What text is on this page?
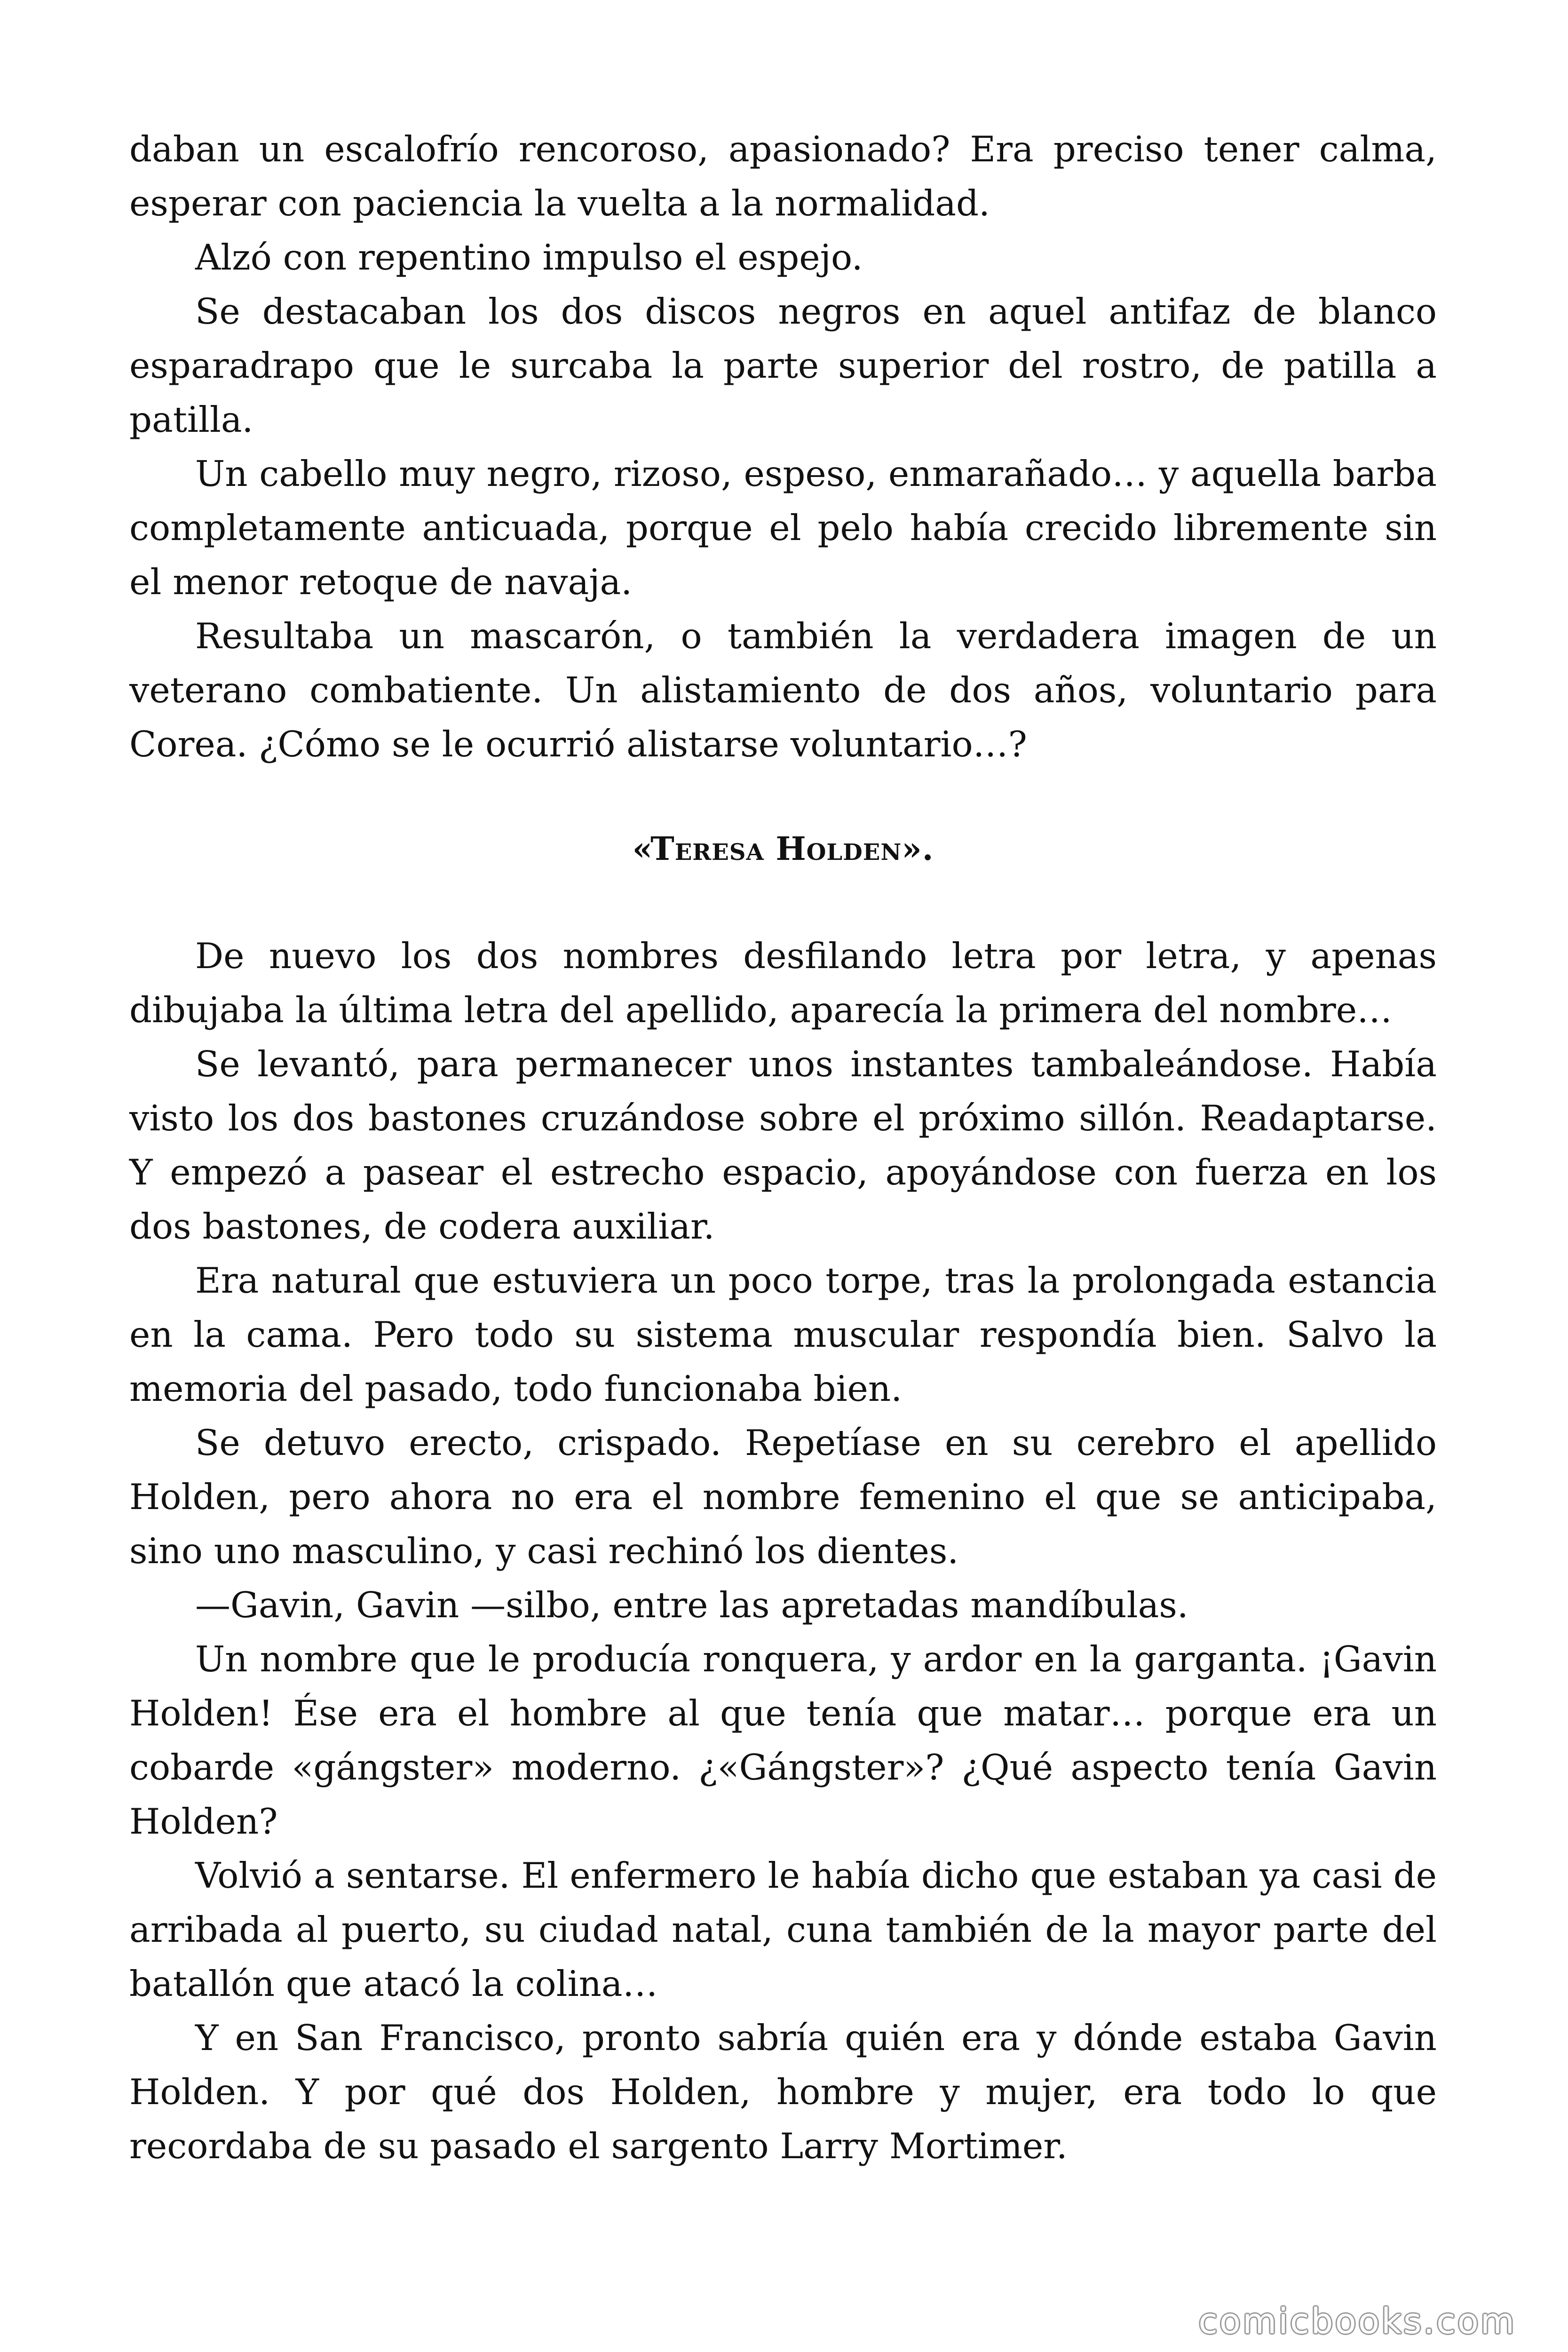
daban un escalofrío rencoroso, apasionado? Era preciso tener calma, esperar con paciencia la vuelta a la normalidad.

Alzó con repentino impulso el espejo.

Se destacaban los dos discos negros en aquel antifaz de blanco esparadrapo que le surcaba la parte superior del rostro, de patilla a patilla.

Un cabello muy negro, rizoso, espeso, enmarañado… y aquella barba completamente anticuada, porque el pelo había crecido libremente sin el menor retoque de navaja.

Resultaba un mascarón, o también la verdadera imagen de un veterano combatiente. Un alistamiento de dos años, voluntario para Corea. ¿Cómo se le ocurrió alistarse voluntario…?

«Teresa Holden».

De nuevo los dos nombres desfilando letra por letra, y apenas dibujaba la última letra del apellido, aparecía la primera del nombre…

Se levantó, para permanecer unos instantes tambaleándose. Había visto los dos bastones cruzándose sobre el próximo sillón. Readaptarse. Y empezó a pasear el estrecho espacio, apoyándose con fuerza en los dos bastones, de codera auxiliar.

Era natural que estuviera un poco torpe, tras la prolongada estancia en la cama. Pero todo su sistema muscular respondía bien. Salvo la memoria del pasado, todo funcionaba bien.

Se detuvo erecto, crispado. Repetíase en su cerebro el apellido Holden, pero ahora no era el nombre femenino el que se anticipaba, sino uno masculino, y casi rechinó los dientes.

—Gavin, Gavin —silbo, entre las apretadas mandíbulas.

Un nombre que le producía ronquera, y ardor en la garganta. ¡Gavin Holden! Ése era el hombre al que tenía que matar… porque era un cobarde «gángster» moderno. ¿«Gángster»? ¿Qué aspecto tenía Gavin Holden?

Volvió a sentarse. El enfermero le había dicho que estaban ya casi de arribada al puerto, su ciudad natal, cuna también de la mayor parte del batallón que atacó la colina…

Y en San Francisco, pronto sabría quién era y dónde estaba Gavin Holden. Y por qué dos Holden, hombre y mujer, era todo lo que recordaba de su pasado el sargento Larry Mortimer.

comicbooks.com
